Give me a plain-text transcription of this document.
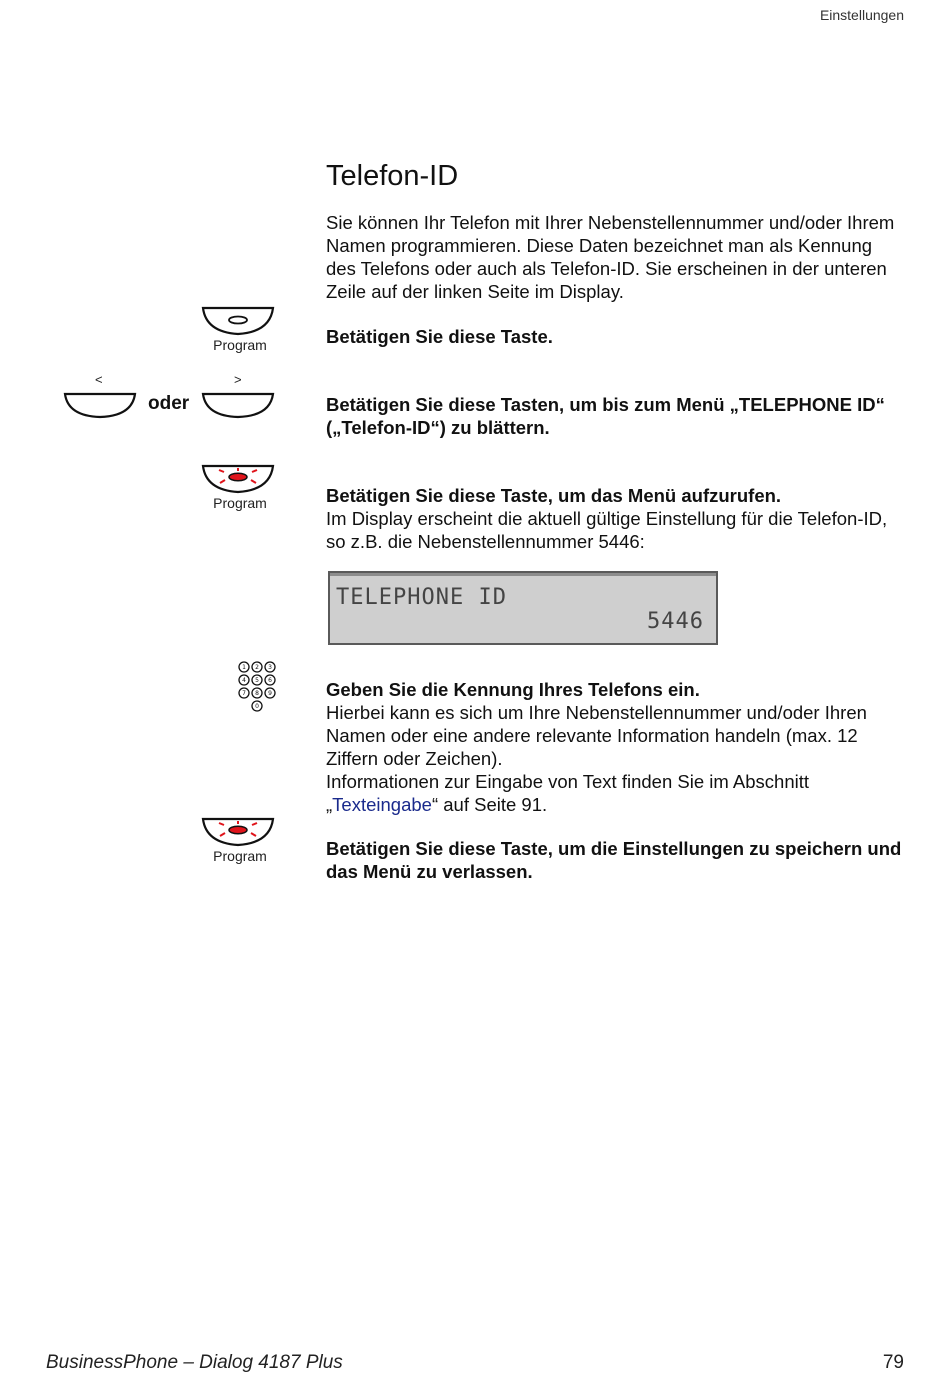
Einstellungen
Telefon-ID
Sie können Ihr Telefon mit Ihrer Nebenstellennummer und/oder Ihrem Namen programmieren. Diese Daten bezeichnet man als Kennung des Telefons oder auch als Telefon-ID. Sie erscheinen in der unteren Zeile auf der linken Seite im Display.
Program	Betätigen Sie diese Taste.
<
oder
>
Betätigen Sie diese Tasten, um bis zum Menü „TELEPHONE ID“ („Telefon-ID“) zu blättern.
Program	Betätigen Sie diese Taste, um das Menü aufzurufen.
Im Display erscheint die aktuell gültige Einstellung für die Telefon-ID, so z.B. die Nebenstellennummer 5446:
TELEPHONE ID
5446
1 2 3
4 5 6
7 8 9
0
Geben Sie die Kennung Ihres Telefons ein.
Hierbei kann es sich um Ihre Nebenstellennummer und/oder Ihren Namen oder eine andere relevante Information handeln (max. 12 Ziffern oder Zeichen).
Informationen zur Eingabe von Text finden Sie im Abschnitt „Texteingabe“ auf Seite 91.
Program	Betätigen Sie diese Taste, um die Einstellungen zu speichern und das Menü zu verlassen.
BusinessPhone – Dialog 4187 Plus	79
